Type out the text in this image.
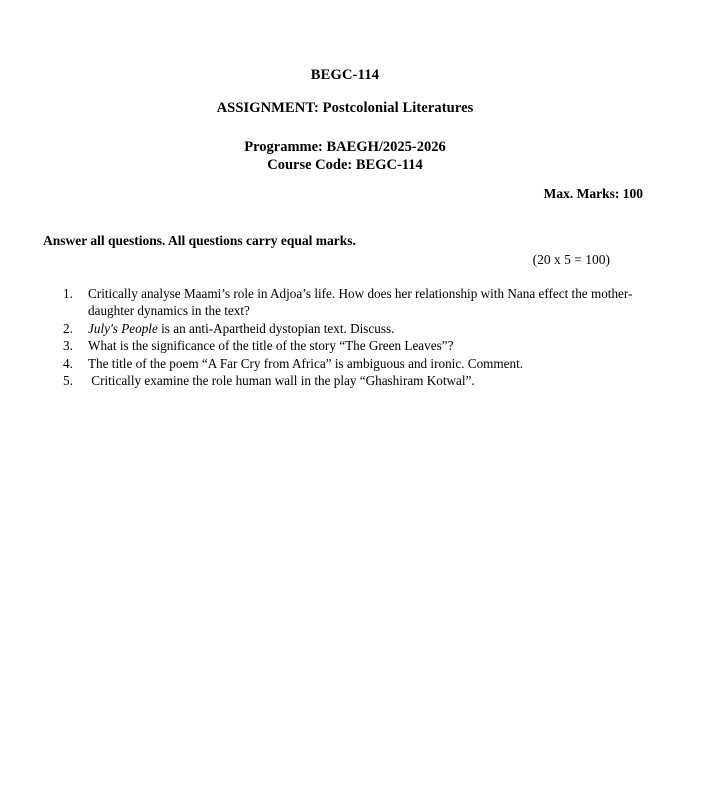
BEGC-114
ASSIGNMENT: Postcolonial Literatures
Programme: BAEGH/2025-2026
Course Code: BEGC-114
Max. Marks: 100
Answer all questions. All questions carry equal marks.
(20 x 5 = 100)
1.	Critically analyse Maami’s role in Adjoa’s life. How does her relationship with Nana effect the mother-daughter dynamics in the text?
2.	July's People is an anti-Apartheid dystopian text. Discuss.
3.	What is the significance of the title of the story “The Green Leaves”?
4.	The title of the poem “A Far Cry from Africa” is ambiguous and ironic. Comment.
5.	Critically examine the role human wall in the play “Ghashiram Kotwal”.
